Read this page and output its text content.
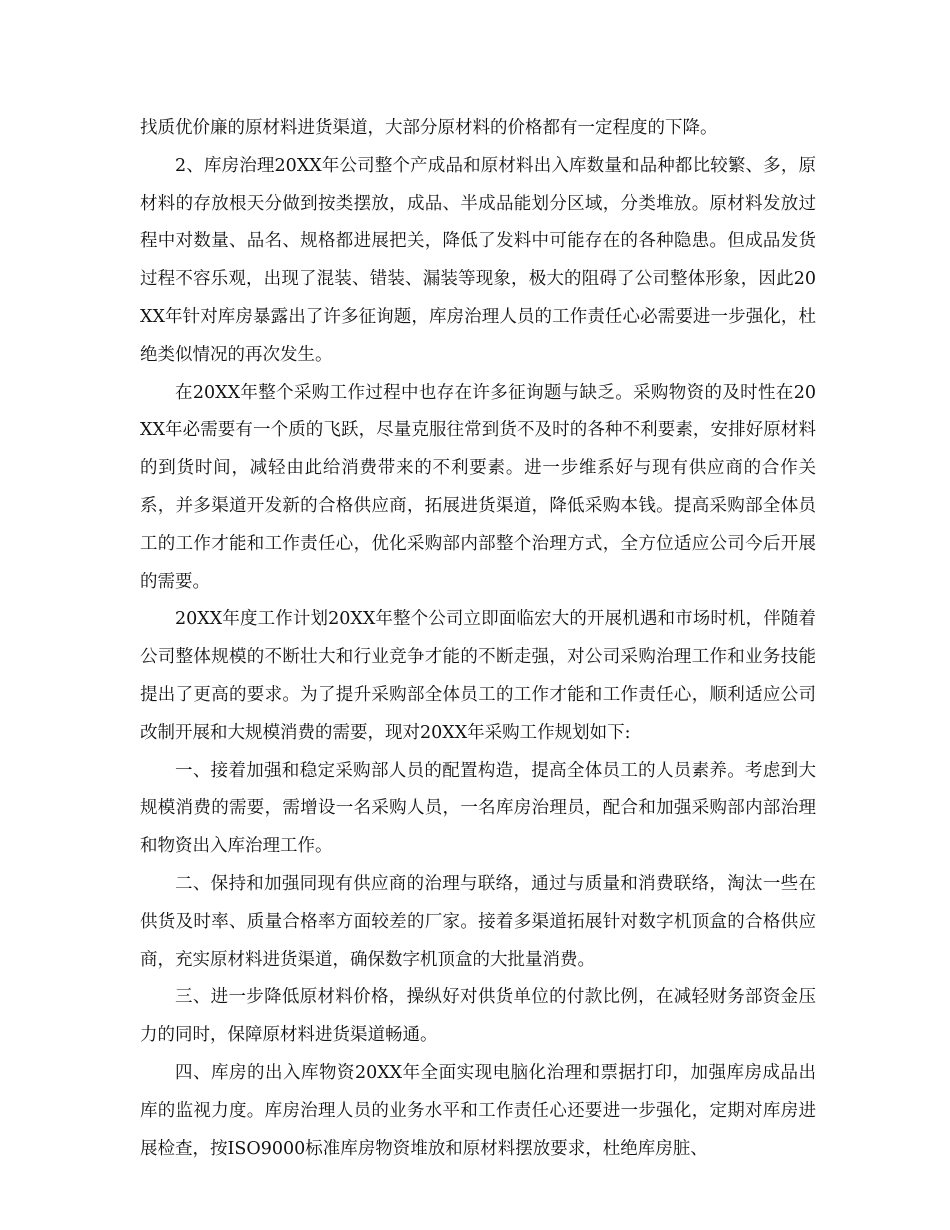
找质优价廉的原材料进货渠道，大部分原材料的价格都有一定程度的下降。

2、库房治理20XX年公司整个产成品和原材料出入库数量和品种都比较繁、多，原材料的存放根天分做到按类摆放，成品、半成品能划分区域，分类堆放。原材料发放过程中对数量、品名、规格都进展把关，降低了发料中可能存在的各种隐患。但成品发货过程不容乐观，出现了混装、错装、漏装等现象，极大的阻碍了公司整体形象，因此20XX年针对库房暴露出了许多征询题，库房治理人员的工作责任心必需要进一步强化，杜绝类似情况的再次发生。

在20XX年整个采购工作过程中也存在许多征询题与缺乏。采购物资的及时性在20XX年必需要有一个质的飞跃，尽量克服往常到货不及时的各种不利要素，安排好原材料的到货时间，减轻由此给消费带来的不利要素。进一步维系好与现有供应商的合作关系，并多渠道开发新的合格供应商，拓展进货渠道，降低采购本钱。提高采购部全体员工的工作才能和工作责任心，优化采购部内部整个治理方式，全方位适应公司今后开展的需要。

20XX年度工作计划20XX年整个公司立即面临宏大的开展机遇和市场时机，伴随着公司整体规模的不断壮大和行业竞争才能的不断走强，对公司采购治理工作和业务技能提出了更高的要求。为了提升采购部全体员工的工作才能和工作责任心，顺利适应公司改制开展和大规模消费的需要，现对20XX年采购工作规划如下:

一、接着加强和稳定采购部人员的配置构造，提高全体员工的人员素养。考虑到大规模消费的需要，需增设一名采购人员，一名库房治理员，配合和加强采购部内部治理和物资出入库治理工作。

二、保持和加强同现有供应商的治理与联络，通过与质量和消费联络，淘汰一些在供货及时率、质量合格率方面较差的厂家。接着多渠道拓展针对数字机顶盒的合格供应商，充实原材料进货渠道，确保数字机顶盒的大批量消费。

三、进一步降低原材料价格，操纵好对供货单位的付款比例，在减轻财务部资金压力的同时，保障原材料进货渠道畅通。

四、库房的出入库物资20XX年全面实现电脑化治理和票据打印，加强库房成品出库的监视力度。库房治理人员的业务水平和工作责任心还要进一步强化，定期对库房进展检查，按ISO9000标准库房物资堆放和原材料摆放要求，杜绝库房脏、
